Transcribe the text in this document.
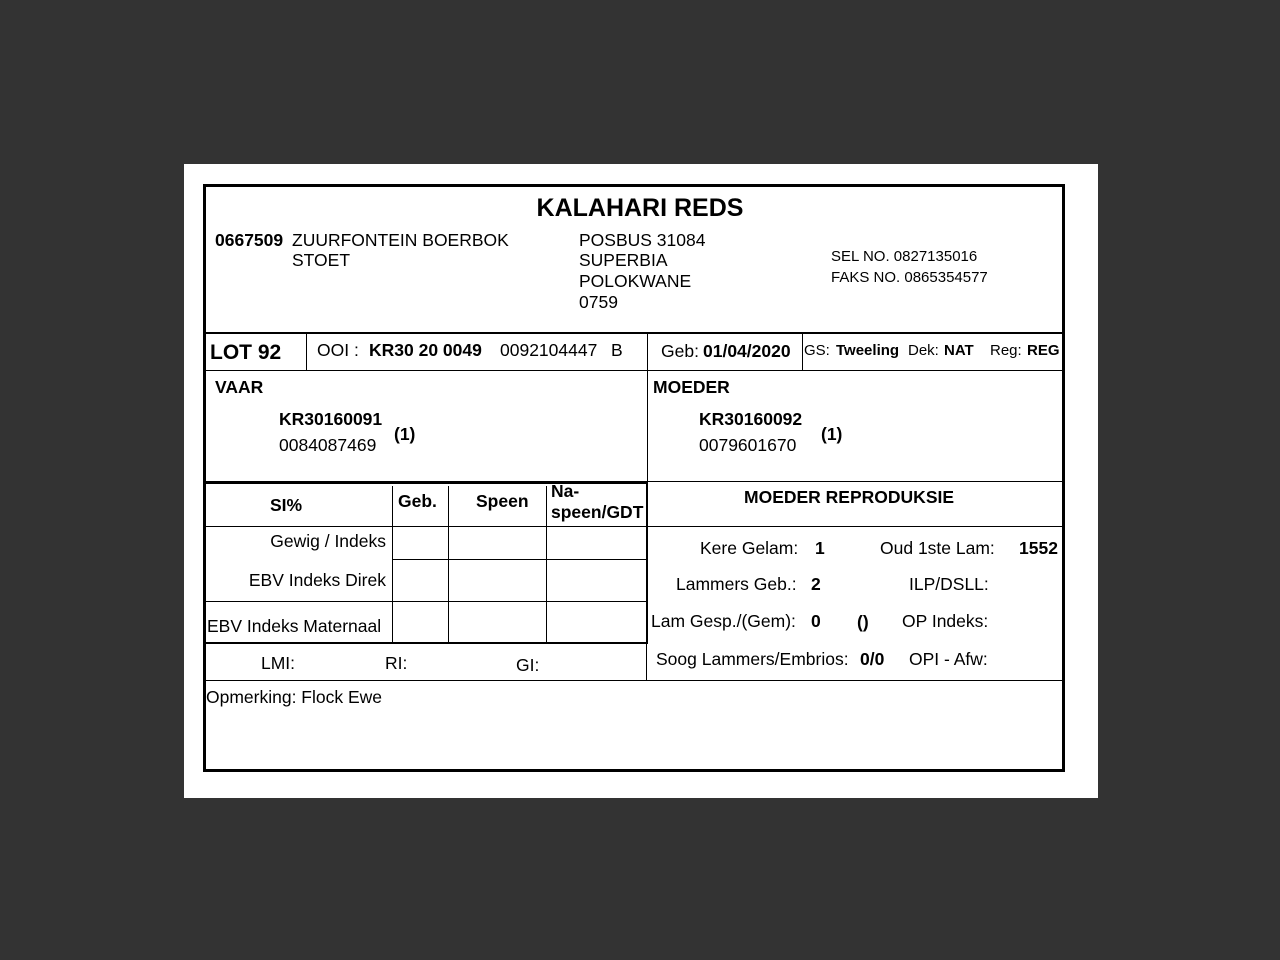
KALAHARI REDS
0667509 ZUURFONTEIN BOERBOK
STOET
POSBUS 31084
SUPERBIA
POLOKWANE
0759
SEL NO. 0827135016
FAKS NO. 0865354577
LOT 92 OOI : KR30 20 0049 0092104447 B Geb: 01/04/2020 GS: Tweeling Dek: NAT Reg: REG
VAAR
KR30160091
0084087469
(1)
MOEDER
KR30160092
0079601670
(1)
SI%	Geb. Speen Na-
speen/GDT
Gewig / Indeks
EBV Indeks Direk
EBV Indeks Maternaal
LMI:	RI:	GI:
MOEDER REPRODUKSIE
Kere Gelam: 1	Oud 1ste Lam: 1552
Lammers Geb.: 2	ILP/DSLL:
Lam Gesp./(Gem): 0 () OP Indeks:
Soog Lammers/Embrios: 0/0 OPI - Afw:
Opmerking: Flock Ewe
